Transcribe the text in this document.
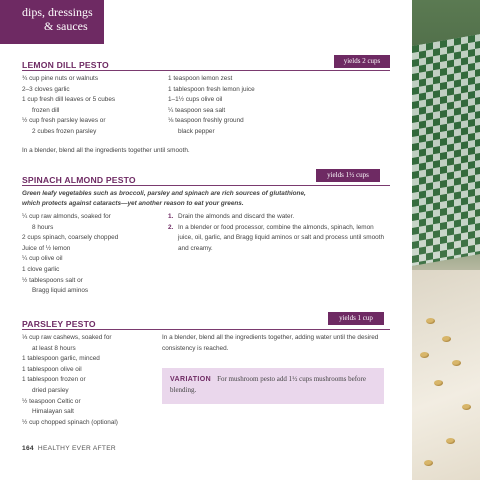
dips, dressings
& sauces
LEMON DILL PESTO	yields 2 cups
¾ cup pine nuts or walnuts
2–3 cloves garlic
1 cup fresh dill leaves or 5 cubes
frozen dill
½ cup fresh parsley leaves or
2 cubes frozen parsley
1 teaspoon lemon zest
1 tablespoon fresh lemon juice
1–1½ cups olive oil
¼ teaspoon sea salt
⅛ teaspoon freshly ground
black pepper
In a blender, blend all the ingredients together until smooth.
SPINACH ALMOND PESTO	yields 1½ cups
Green leafy vegetables such as broccoli, parsley and spinach are rich sources of glutathione, which protects against cataracts—yet another reason to eat your greens.
¼ cup raw almonds, soaked for
8 hours
2 cups spinach, coarsely chopped
Juice of ½ lemon
¼ cup olive oil
1 clove garlic
½ tablespoons salt or
Bragg liquid aminos
1. Drain the almonds and discard the water.
2. In a blender or food processor, combine the almonds, spinach, lemon juice, oil, garlic, and Bragg liquid aminos or salt and process until smooth and creamy.
PARSLEY PESTO
yields 1 cup
⅓ cup raw cashews, soaked for
at least 8 hours
1 tablespoon garlic, minced
1 tablespoon olive oil
1 tablespoon frozen or
dried parsley
½ teaspoon Celtic or
Himalayan salt
½ cup chopped spinach (optional)
In a blender, blend all the ingredients together, adding water until the desired consistency is reached.
VARIATION For mushroom pesto add 1½ cups mushrooms before blending.
164 HEALTHY EVER AFTER
